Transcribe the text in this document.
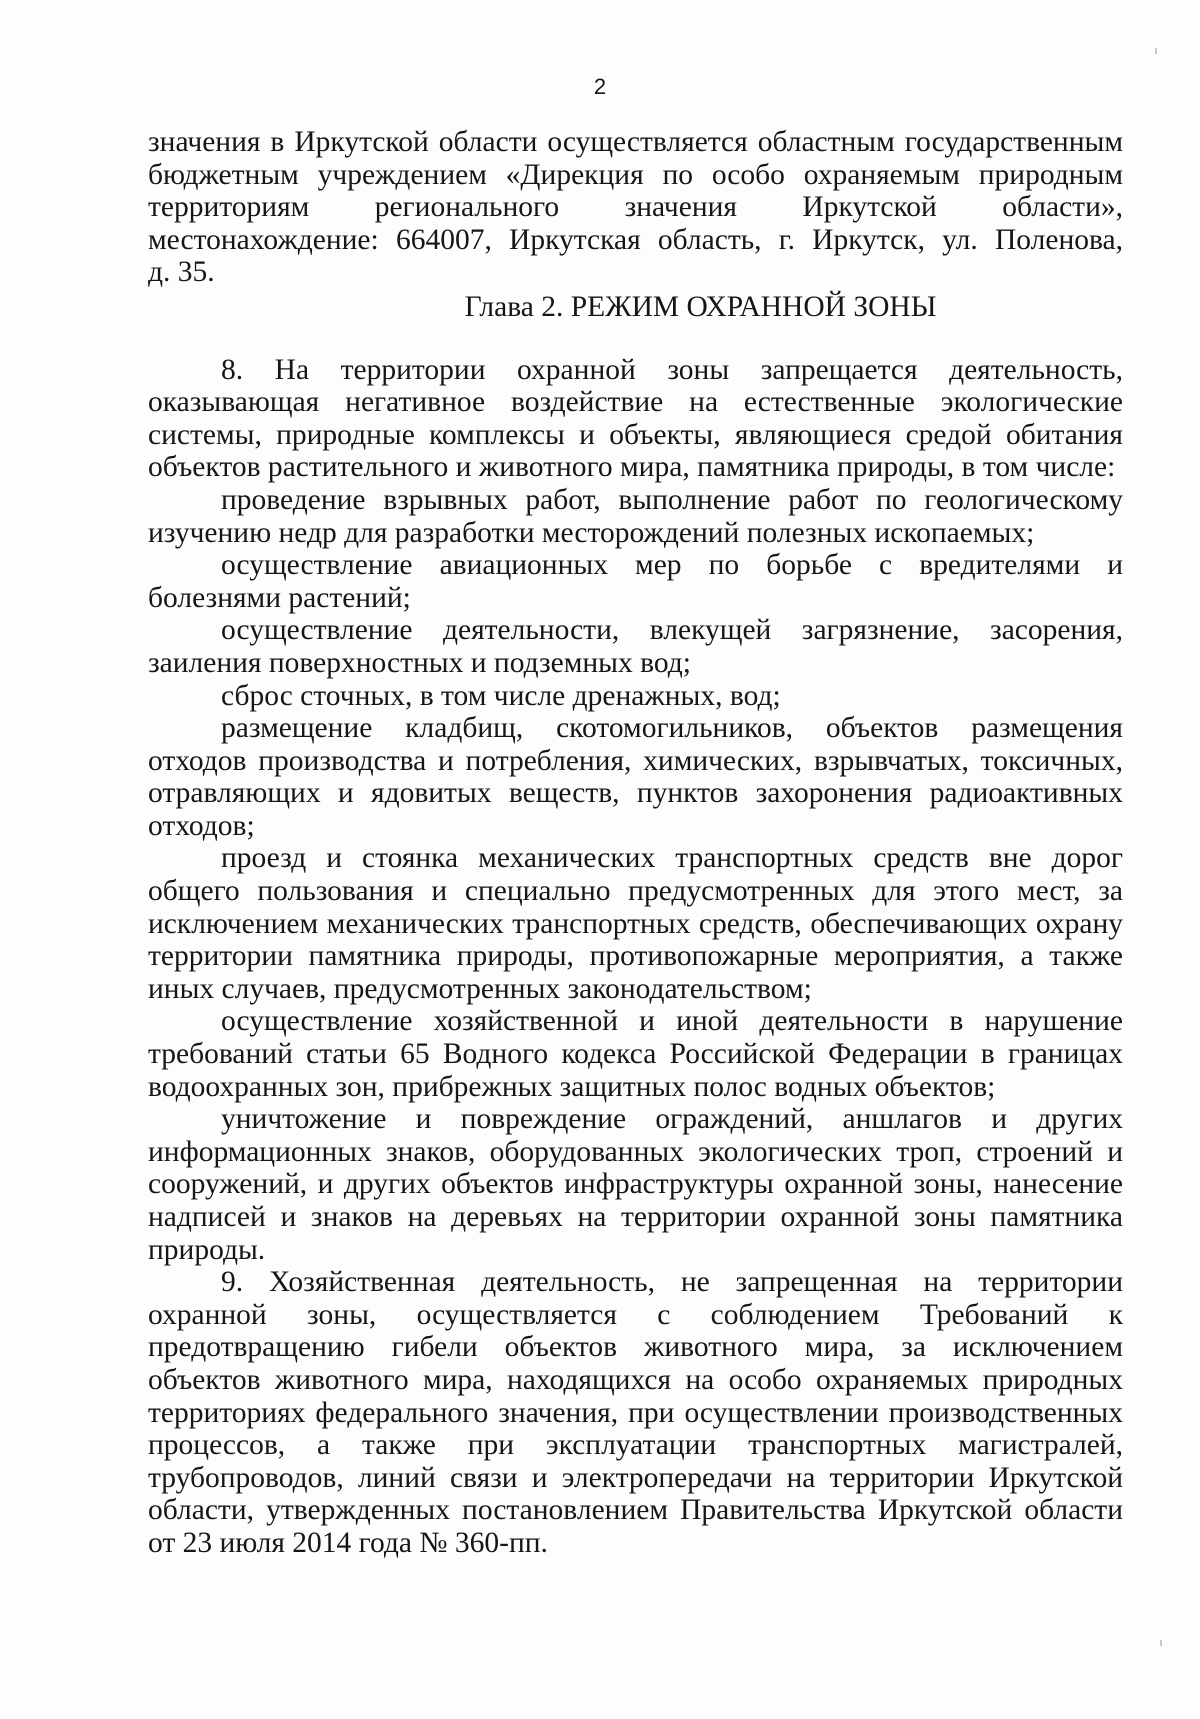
2

значения в Иркутской области осуществляется областным государственным бюджетным учреждением «Дирекция по особо охраняемым природным территориям регионального значения Иркутской области», местонахождение: 664007, Иркутская область, г. Иркутск, ул. Поленова,

д. 35.

Глава 2. РЕЖИМ ОХРАННОЙ ЗОНЫ

8. На территории охранной зоны запрещается деятельность, оказывающая негативное воздействие на естественные экологические системы, природные комплексы и объекты, являющиеся средой обитания объектов растительного и животного мира, памятника природы, в том числе:

проведение взрывных работ, выполнение работ по геологическому изучению недр для разработки месторождений полезных ископаемых;

осуществление авиационных мер по борьбе с вредителями и болезнями растений;

осуществление деятельности, влекущей загрязнение, засорения, заиления поверхностных и подземных вод;

сброс сточных, в том числе дренажных, вод;

размещение кладбищ, скотомогильников, объектов размещения отходов производства и потребления, химических, взрывчатых, токсичных, отравляющих и ядовитых веществ, пунктов захоронения радиоактивных отходов;

проезд и стоянка механических транспортных средств вне дорог общего пользования и специально предусмотренных для этого мест, за исключением механических транспортных средств, обеспечивающих охрану территории памятника природы, противопожарные мероприятия, а также иных случаев, предусмотренных законодательством;

осуществление хозяйственной и иной деятельности в нарушение требований статьи 65 Водного кодекса Российской Федерации в границах водоохранных зон, прибрежных защитных полос водных объектов;

уничтожение и повреждение ограждений, аншлагов и других информационных знаков, оборудованных экологических троп, строений и сооружений, и других объектов инфраструктуры охранной зоны, нанесение надписей и знаков на деревьях на территории охранной зоны памятника природы.

9. Хозяйственная деятельность, не запрещенная на территории охранной зоны, осуществляется с соблюдением Требований к предотвращению гибели объектов животного мира, за исключением объектов животного мира, находящихся на особо охраняемых природных территориях федерального значения, при осуществлении производственных процессов, а также при эксплуатации транспортных магистралей, трубопроводов, линий связи и электропередачи на территории Иркутской области, утвержденных постановлением Правительства Иркутской области от 23 июля 2014 года № 360-пп.
